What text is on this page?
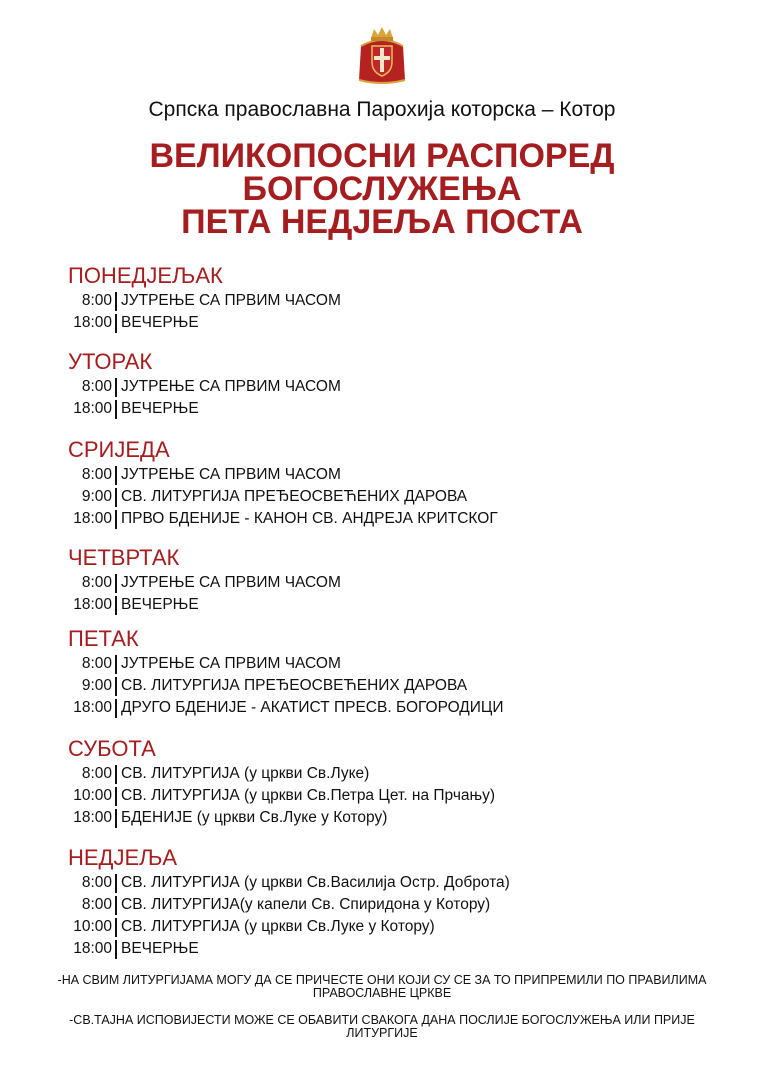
Српска православна Парохија которска – Котор
ВЕЛИКОПОСНИ РАСПОРЕД
БОГОСЛУЖЕЊА
ПЕТА НЕДЈЕЉА ПОСТА
ПОНЕДЈЕЉАК
8:00 ЈУТРЕЊЕ СА ПРВИМ ЧАСОМ
18:00 ВЕЧЕРЊЕ
УТОРАК
8:00 ЈУТРЕЊЕ СА ПРВИМ ЧАСОМ
18:00 ВЕЧЕРЊЕ
СРИЈЕДА
8:00 ЈУТРЕЊЕ СА ПРВИМ ЧАСОМ
9:00 СВ. ЛИТУРГИЈА ПРЕЂЕОСВЕЋЕНИХ ДАРОВА
18:00 ПРВО БДЕНИЈЕ - КАНОН СВ. АНДРЕЈА КРИТСКОГ
ЧЕТВРТАК
8:00 ЈУТРЕЊЕ СА ПРВИМ ЧАСОМ
18:00 ВЕЧЕРЊЕ
ПЕТАК
8:00 ЈУТРЕЊЕ СА ПРВИМ ЧАСОМ
9:00 СВ. ЛИТУРГИЈА ПРЕЂЕОСВЕЋЕНИХ ДАРОВА
18:00 ДРУГО БДЕНИЈЕ - АКАТИСТ ПРЕСВ. БОГОРОДИЦИ
СУБОТА
8:00 СВ. ЛИТУРГИЈА (у цркви Св.Луке)
10:00 СВ. ЛИТУРГИЈА (у цркви Св.Петра Цет. на Прчању)
18:00 БДЕНИЈЕ (у цркви Св.Луке у Котору)
НЕДЈЕЉА
8:00 СВ. ЛИТУРГИЈА (у цркви Св.Василија Остр. Доброта)
8:00 СВ. ЛИТУРГИЈА(у капели Св. Спиридона у Котору)
10:00 СВ. ЛИТУРГИЈА (у цркви Св.Луке у Котору)
18:00 ВЕЧЕРЊЕ
-НА СВИМ ЛИТУРГИЈАМА МОГУ ДА СЕ ПРИЧЕСТЕ ОНИ КОЈИ СУ СЕ ЗА ТО ПРИПРЕМИЛИ ПО ПРАВИЛИМА ПРАВОСЛАВНЕ ЦРКВЕ
-СВ.ТАЈНА ИСПОВИЈЕСТИ МОЖЕ СЕ ОБАВИТИ СВАКОГА ДАНА ПОСЛИЈЕ БОГОСЛУЖЕЊА ИЛИ ПРИЈЕ ЛИТУРГИЈЕ
